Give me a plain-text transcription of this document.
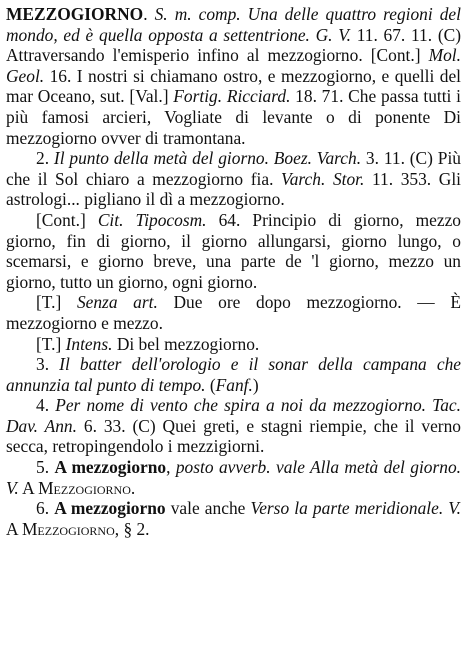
MEZZOGIORNO. S. m. comp. Una delle quattro regioni del mondo, ed è quella opposta a settentrione. G. V. 11. 67. 11. (C) Attraversando l'emisperio infino al mezzogiorno. [Cont.] Mol. Geol. 16. I nostri si chiamano ostro, e mezzogiorno, e quelli del mar Oceano, sut. [Val.] Fortig. Ricciard. 18. 71. Che passa tutti i più famosi arcieri, Vogliate di levante o di ponente Di mezzogiorno ovver di tramontana.

2. Il punto della metà del giorno. Boez. Varch. 3. 11. (C) Più che il Sol chiaro a mezzogiorno fia. Varch. Stor. 11. 353. Gli astrologi... pigliano il dì a mezzogiorno.

[Cont.] Cit. Tipocosm. 64. Principio di giorno, mezzo giorno, fin di giorno, il giorno allungarsi, giorno lungo, o scemarsi, e giorno breve, una parte de 'l giorno, mezzo un giorno, tutto un giorno, ogni giorno.

[T.] Senza art. Due ore dopo mezzogiorno. — È mezzogiorno e mezzo.

[T.] Intens. Di bel mezzogiorno.

3. Il batter dell'orologio e il sonar della campana che annunzia tal punto di tempo. (Fanf.)

4. Per nome di vento che spira a noi da mezzogiorno. Tac. Dav. Ann. 6. 33. (C) Quei greti, e stagni riempie, che il verno secca, retropingendolo i mezzigiorni.

5. A mezzogiorno, posto avverb. vale Alla metà del giorno. V. A Mezzogiorno.

6. A mezzogiorno vale anche Verso la parte meridionale. V. A Mezzogiorno, § 2.
